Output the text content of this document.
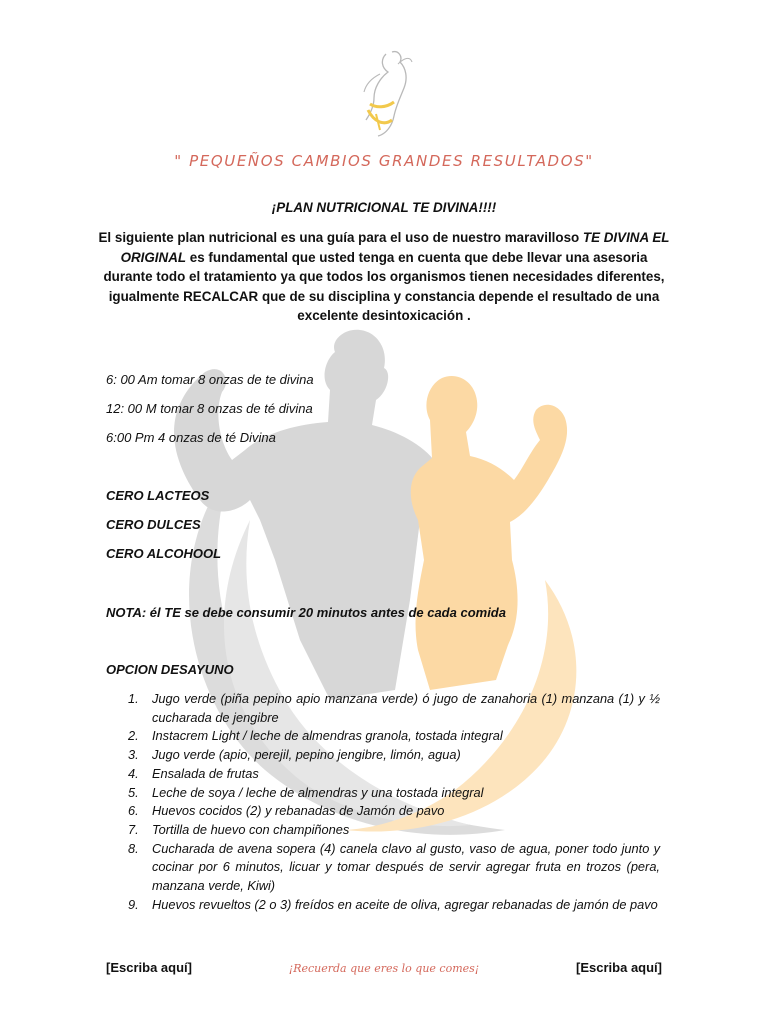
" PEQUEÑOS CAMBIOS GRANDES RESULTADOS"
¡PLAN NUTRICIONAL TE DIVINA!!!!

El siguiente plan nutricional es una guía para el uso de nuestro maravilloso TE DIVINA EL ORIGINAL es fundamental que usted tenga en cuenta que debe llevar una asesoria durante todo el tratamiento ya que todos los organismos tienen necesidades diferentes, igualmente RECALCAR que de su disciplina y constancia depende el resultado de una excelente desintoxicación .

6: 00 Am tomar 8 onzas de te divina
12: 00 M tomar 8 onzas de té divina
6:00 Pm 4 onzas de té Divina
CERO LACTEOS
CERO DULCES
CERO ALCOHOOL
NOTA: él TE se debe consumir 20 minutos antes de cada comida
OPCION DESAYUNO
1. Jugo verde (piña pepino apio manzana verde) ó jugo de zanahoria (1) manzana (1) y ½ cucharada de jengibre
2. Instacrem Light / leche de almendras granola, tostada integral
3. Jugo verde (apio, perejil, pepino jengibre, limón, agua)
4. Ensalada de frutas
5. Leche de soya / leche de almendras y una tostada integral
6. Huevos cocidos (2) y rebanadas de Jamón de pavo
7. Tortilla de huevo con champiñones
8. Cucharada de avena sopera (4) canela clavo al gusto, vaso de agua, poner todo junto y cocinar por 6 minutos, licuar y tomar después de servir agregar fruta en trozos (pera, manzana verde, Kiwi)
9. Huevos revueltos (2 o 3) freídos en aceite de oliva, agregar rebanadas de jamón de pavo
[Escriba aquí]	¡Recuerda que eres lo que comes¡	[Escriba aquí]
